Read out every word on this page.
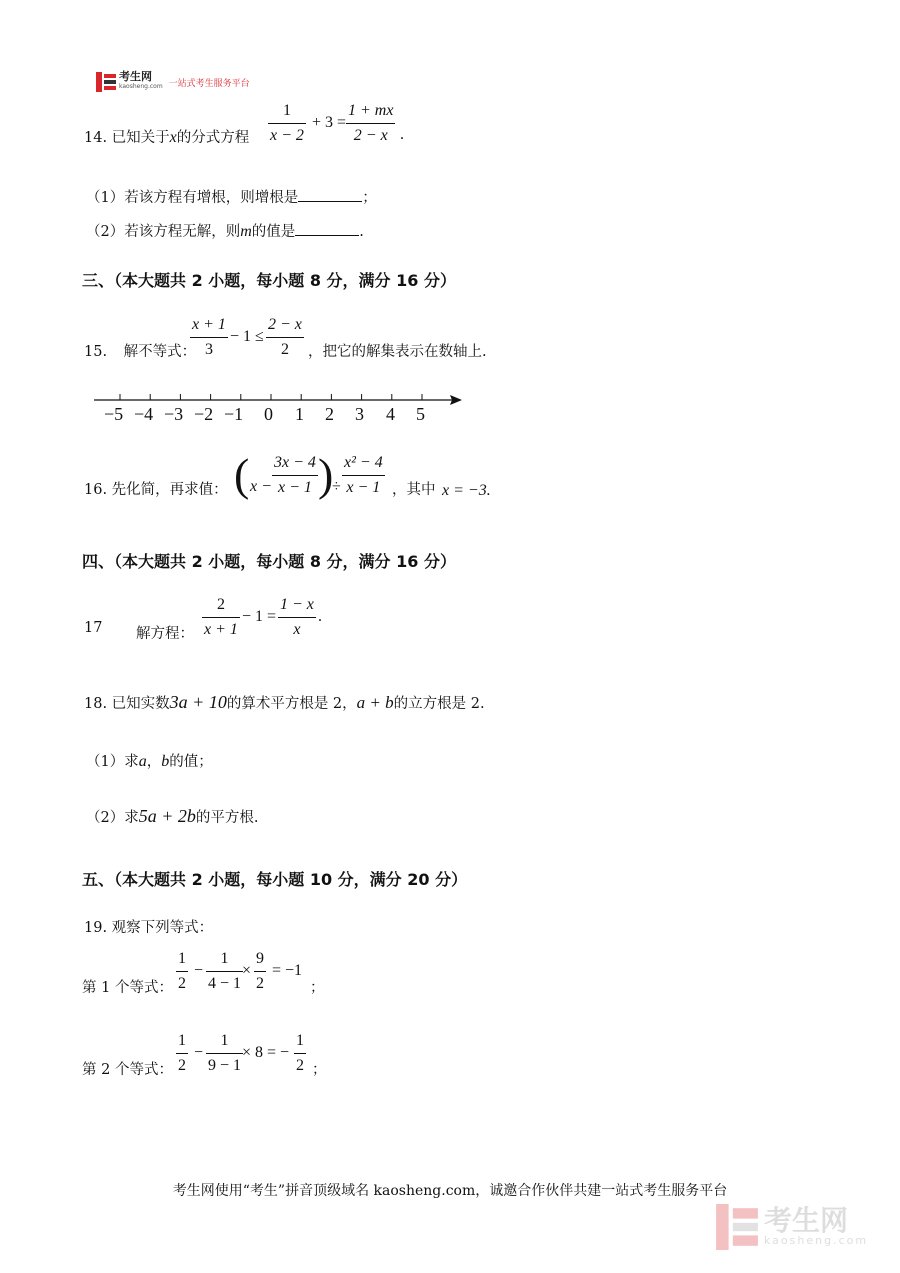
考生网
kaosheng.com 一站式考生服务平台
14. 已知关于x的分式方程 $\frac{1}{x - 2} + 3 = \frac{1 + mx}{2 - x}$ .
（1）若该方程有增根，则增根是	；
（2）若该方程无解，则m的值是	.
三、（本大题共 2 小题，每小题 8 分，满分 16 分）
15. 解不等式：
$\frac{x + 1}{3} - 1 \le \frac{2 - x}{2}$ ，把它的解集表示在数轴上.
−5 −4 −3 −2 −1 0 1 2 3 4 5
16. 先化简，再求值： ( $x - \frac{3x - 4}{x - 1}$ )
÷ $\frac{\text{x² − 4}}{x - 1}$ ，其中 x = −3.
四、（本大题共 2 小题，每小题 8 分，满分 16 分）
17 解方程： $\frac{2}{x + 1} - 1 = \frac{1 - x}{x}$ .
18. 已知实数3a + 10的算术平方根是 2，a + b的立方根是 2.
（1）求a，b的值；
（2）求5a + 2b的平方根.
五、（本大题共 2 小题，每小题 10 分，满分 20 分）
19. 观察下列等式：
第 1 个等式： $\frac{1}{2} - \frac{1}{4 - 1}$
× $\frac{9}{2} = -1$
；
第 2 个等式： $\frac{1}{2} - \frac{1}{9 - 1}$
× 8 = − $\frac{1}{2}$ ；
考生网使用“考生”拼音顶级域名 kaosheng.com，诚邀合作伙伴共建一站式考生服务平台
考生网
kaosheng.com
